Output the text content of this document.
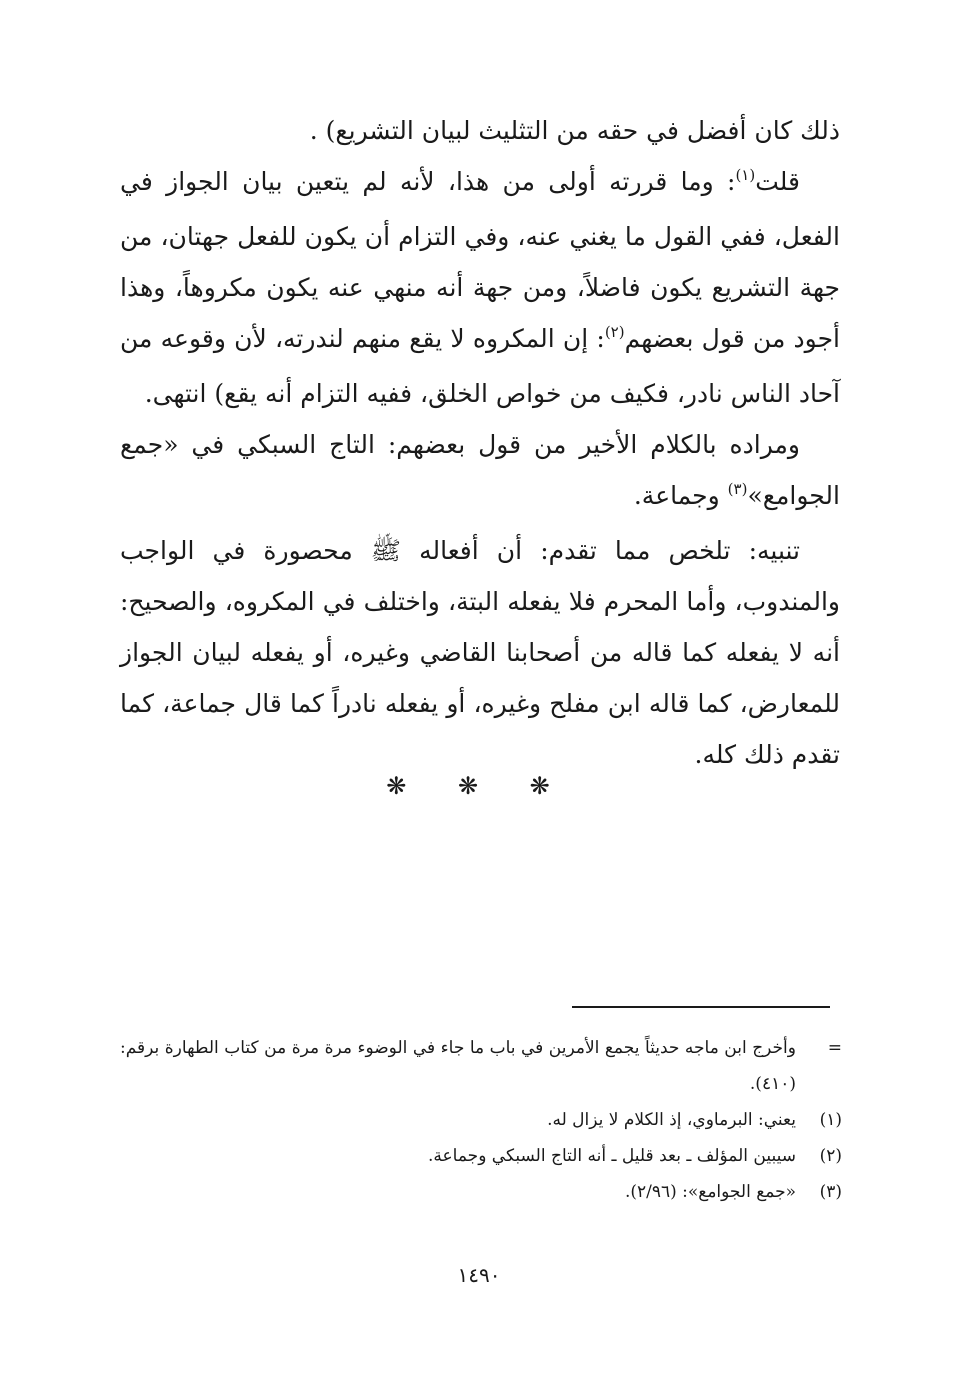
ذلك كان أفضل في حقه من التثليث لبيان التشريع) .

قلت$^{(١)}$: وما قررته أولى من هذا، لأنه لم يتعين بيان الجواز في الفعل، ففي القول ما يغني عنه، وفي التزام أن يكون للفعل جهتان، من جهة التشريع يكون فاضلاً، ومن جهة أنه منهي عنه يكون مكروهاً، وهذا أجود من قول بعضهم$^{(٢)}$: إن المكروه لا يقع منهم لندرته، لأن وقوعه من آحاد الناس نادر، فكيف من خواص الخلق، ففيه التزام أنه يقع) انتهى.

ومراده بالكلام الأخير من قول بعضهم: التاج السبكي في «جمع الجوامع»$^{(٣)}$ وجماعة.

تنبيه: تلخص مما تقدم: أن أفعاله ﷺ محصورة في الواجب والمندوب، وأما المحرم فلا يفعله البتة، واختلف في المكروه، والصحيح: أنه لا يفعله كما قاله من أصحابنا القاضي وغيره، أو يفعله لبيان الجواز للمعارض، كما قاله ابن مفلح وغيره، أو يفعله نادراً كما قال جماعة، كما تقدم ذلك كله.

❋ ❋ ❋
=
وأخرج ابن ماجه حديثاً يجمع الأمرين في باب ما جاء في الوضوء مرة مرة من كتاب الطهارة برقم: (٤١٠).
(١)
يعني: البرماوي، إذ الكلام لا يزال له.
(٢)
سيبين المؤلف ـ بعد قليل ـ أنه التاج السبكي وجماعة.
(٣)
«جمع الجوامع»: (٢/٩٦).
١٤٩٠
